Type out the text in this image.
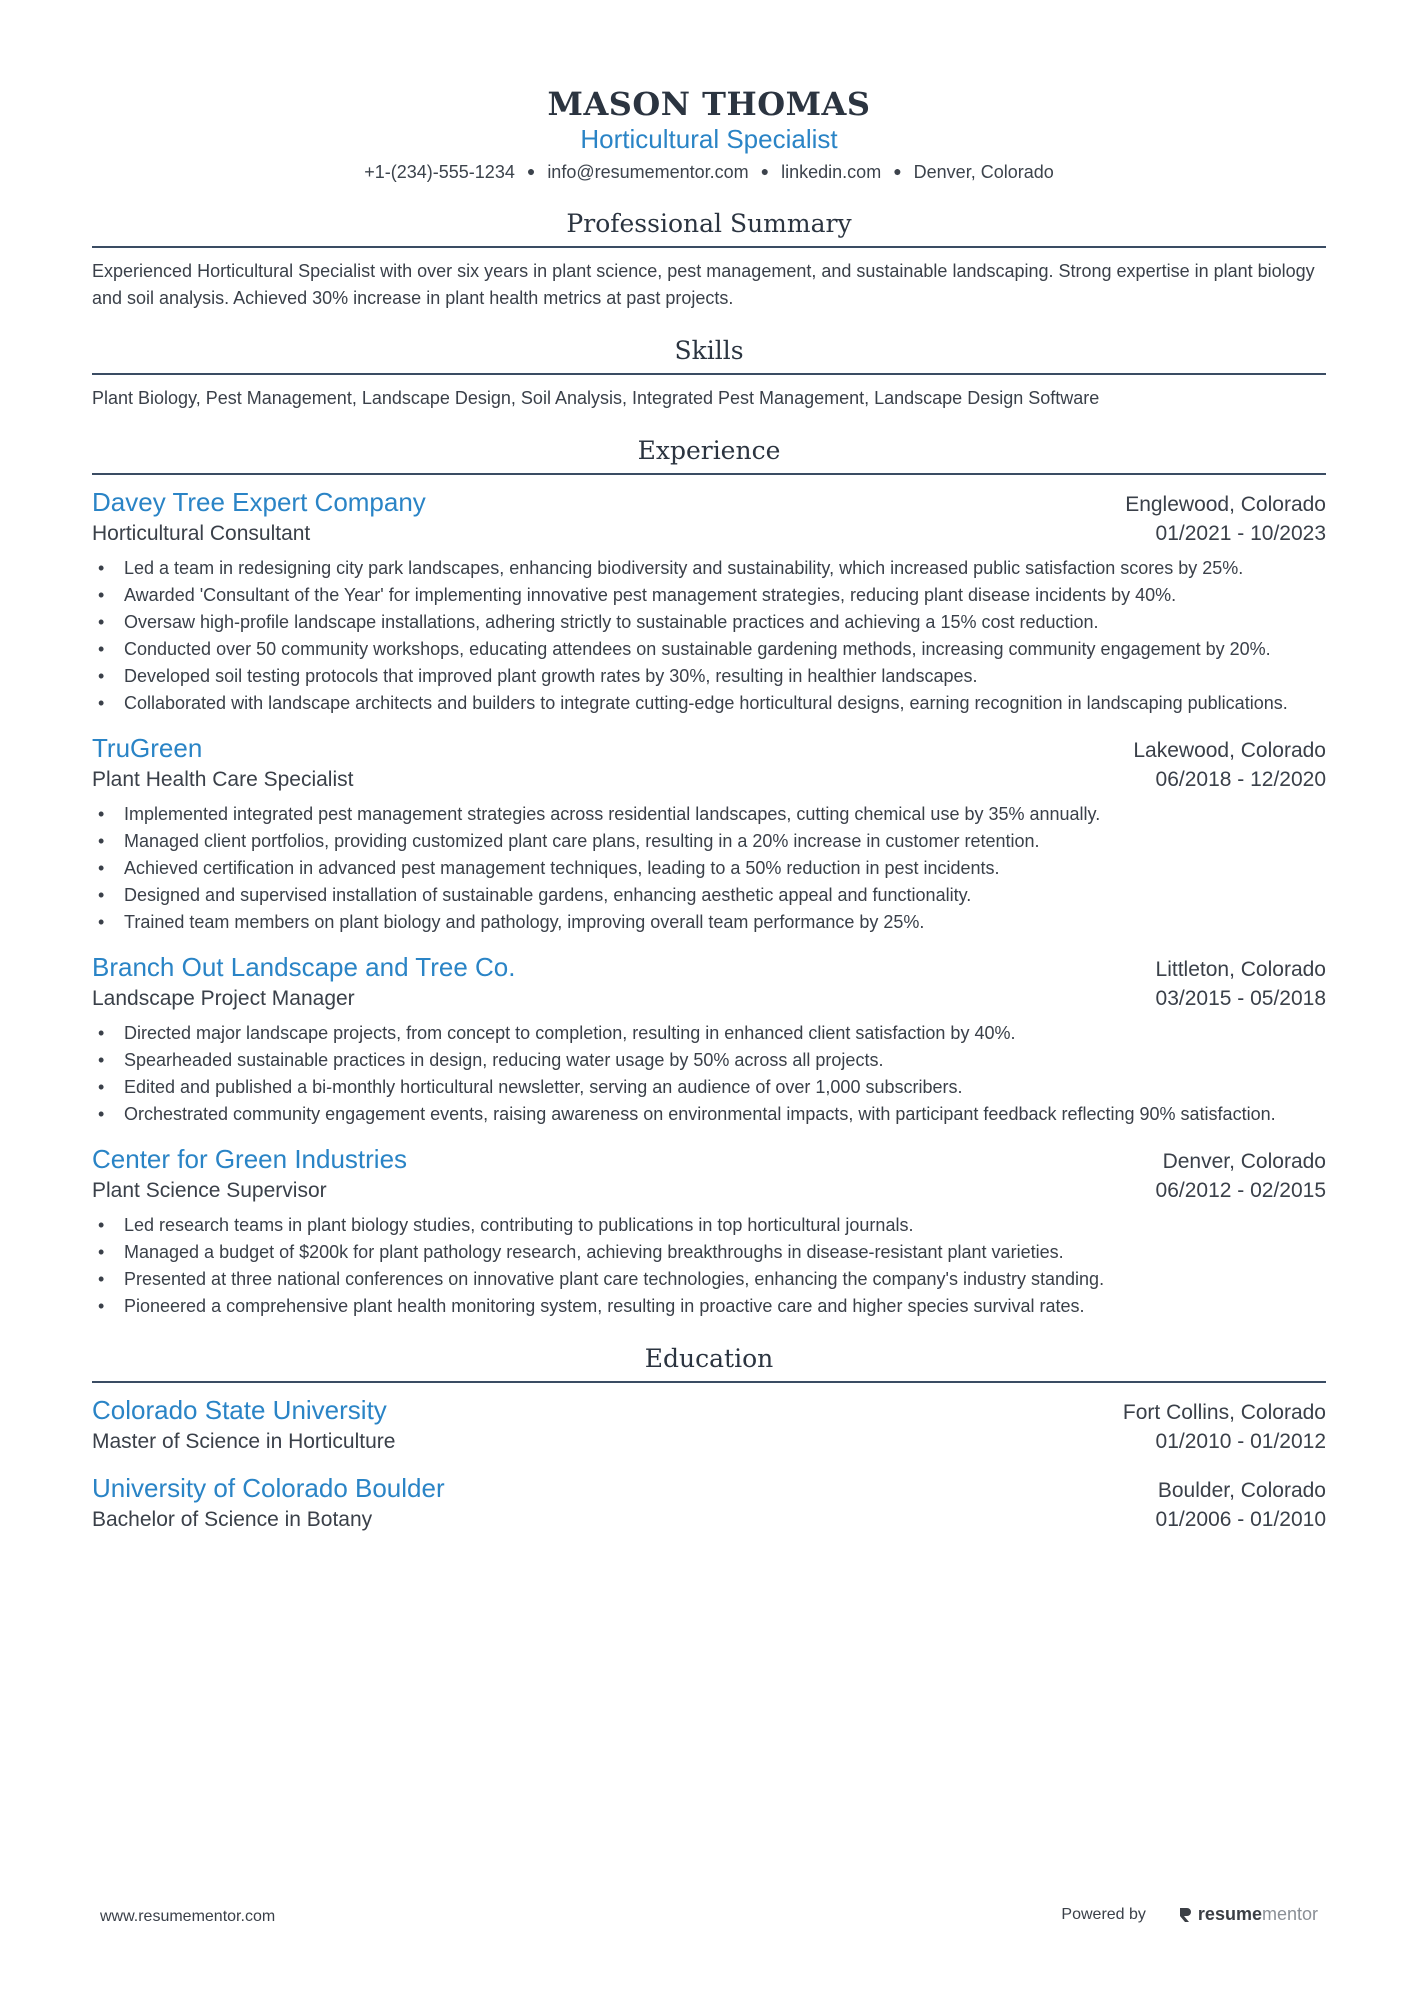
MASON THOMAS
Horticultural Specialist
+1-(234)-555-1234 ● info@resumementor.com ● linkedin.com ● Denver, Colorado
Professional Summary
Experienced Horticultural Specialist with over six years in plant science, pest management, and sustainable landscaping. Strong expertise in plant biology and soil analysis. Achieved 30% increase in plant health metrics at past projects.
Skills
Plant Biology, Pest Management, Landscape Design, Soil Analysis, Integrated Pest Management, Landscape Design Software
Experience
Davey Tree Expert Company	Englewood, Colorado
Horticultural Consultant	01/2021 - 10/2023
• Led a team in redesigning city park landscapes, enhancing biodiversity and sustainability, which increased public satisfaction scores by 25%.
• Awarded 'Consultant of the Year' for implementing innovative pest management strategies, reducing plant disease incidents by 40%.
• Oversaw high-profile landscape installations, adhering strictly to sustainable practices and achieving a 15% cost reduction.
• Conducted over 50 community workshops, educating attendees on sustainable gardening methods, increasing community engagement by 20%.
• Developed soil testing protocols that improved plant growth rates by 30%, resulting in healthier landscapes.
• Collaborated with landscape architects and builders to integrate cutting-edge horticultural designs, earning recognition in landscaping publications.
TruGreen	Lakewood, Colorado
Plant Health Care Specialist	06/2018 - 12/2020
• Implemented integrated pest management strategies across residential landscapes, cutting chemical use by 35% annually.
• Managed client portfolios, providing customized plant care plans, resulting in a 20% increase in customer retention.
• Achieved certification in advanced pest management techniques, leading to a 50% reduction in pest incidents.
• Designed and supervised installation of sustainable gardens, enhancing aesthetic appeal and functionality.
• Trained team members on plant biology and pathology, improving overall team performance by 25%.
Branch Out Landscape and Tree Co.	Littleton, Colorado
Landscape Project Manager	03/2015 - 05/2018
• Directed major landscape projects, from concept to completion, resulting in enhanced client satisfaction by 40%.
• Spearheaded sustainable practices in design, reducing water usage by 50% across all projects.
• Edited and published a bi-monthly horticultural newsletter, serving an audience of over 1,000 subscribers.
• Orchestrated community engagement events, raising awareness on environmental impacts, with participant feedback reflecting 90% satisfaction.
Center for Green Industries	Denver, Colorado
Plant Science Supervisor	06/2012 - 02/2015
• Led research teams in plant biology studies, contributing to publications in top horticultural journals.
• Managed a budget of $200k for plant pathology research, achieving breakthroughs in disease-resistant plant varieties.
• Presented at three national conferences on innovative plant care technologies, enhancing the company's industry standing.
• Pioneered a comprehensive plant health monitoring system, resulting in proactive care and higher species survival rates.
Education
Colorado State University	Fort Collins, Colorado
Master of Science in Horticulture	01/2010 - 01/2012
University of Colorado Boulder	Boulder, Colorado
Bachelor of Science in Botany	01/2006 - 01/2010
www.resumementor.com	Powered by	resumementor
